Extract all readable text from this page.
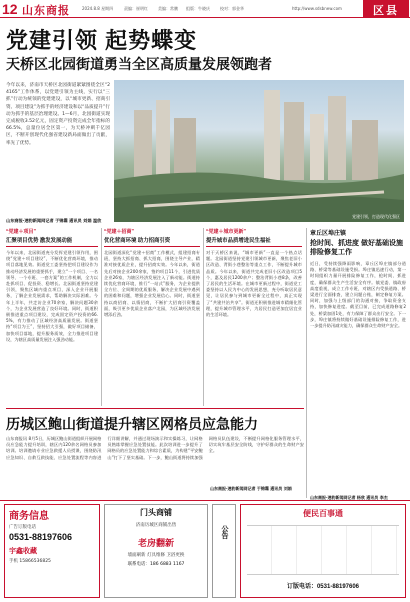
12 山东商报	2024.8.8 星期四	责编：崔明红	美编：常鹏 组版：牛晓庆	校对：郭金华	http://www.sdsbnew.com	区县
党建引领 起势蝶变
天桥区北园街道勇当全区高质量发展领跑者
今年以来，济南市天桥区北园街道紧紧围绕全区“24165”工作体系，以党建引领为主线，实行以“三抓”行动为统领的党建建设，以“城市更新、招商引资、项目建设”为抓手的经济建设和以“品质提升”行动为抓手的基层治理建设。1—6月，北园街道实现完成税收3.52亿元，固定资产投资完成全年指标的66.5%，总量位居全区第一，为天桥冲刺千亿园区，不断开创现代化强省建设新局面做出了贡献，率先了优势。
山东商报·速豹新闻网记者 于锦霜 通讯员 刘娟 温欣
党建引领，打造现代化强区
“党建＋项目”
汇聚项目优势 激发发展动能
今年以来，北园街道充分发挥党建引领作用，围绕“党建＋项目建设”，不断优化营商环境，推动项目落地见效。街道党工委坚持把项目建设作为推动经济发展的重要抓手，建立“一个项目、一名领导、一个专班、一套方案”的工作机制，全力以赴抓项目、促投资、稳增长。北园街道坚持党建引领，聚焦区域内重点项目，深入企业开展服务，了解企业发展需求，帮助解决实际困难。今年上半年，共走访企业70余家，解决问题30余个，为企业发展营造了良好环境。同时，街道积极推进重点项目建设，完成固定资产投资的66.5%，有力推动了区域经济高质量发展。街道坚持“项目为王”，坚持招大引强，做好项目储备，加快项目落地，提升服务质效，全力推进项目建设，为辖区高质量发展注入强劲动能。
“党建＋招商”
优化营商环境 助力招商引资
北园街道深化“党建＋招商”工作模式，组建招商专班，坚持大抓招商、抓大招商，围绕主导产业，精准对接优质企业，提升招商实效。今年以来，街道先后对接企业200余家，签约项目11个，引进优质企业26家，为辖区经济发展注入了新动能。街道持续优化营商环境，推行“一站式”服务，为企业提供全方位、全周期的优质服务，解决企业发展中遇到的困难和问题，增强企业发展信心。同时，街道坚持以商招商、以情招商，不断扩大招商引资覆盖面，吸引更多优质企业落户北园，为区域经济发展增添后劲。
“党建＋城市更新”
提升城市品质增进民生福祉
对于天桥区来说，“城市更新”一直是一个热点话题。北园街道坚持党建引领城市更新，聚焦老旧小区改造、背街小巷整治等重点工作，不断提升城市品质。今年以来，街道共完成老旧小区改造项目5个，惠及居民1200余户；整治背街小巷8条，改善了居民的生活环境。在城市更新过程中，街道党工委坚持以人民为中心的发展思想，充分听取居民意见，让居民参与到城市更新全过程中，真正实现了“共建共治共享”。街道还积极推进城市精细化管理，提升城市管理水平，为居民打造更加宜居宜业的生活环境。
章丘区埠庄镇
抢时间、抓进度 做好基础设施排险修复工作
近日，受持续强降雨影响，章丘区埠庄镇部分道路、桥梁等基础设施受损。埠庄镇迅速行动，第一时间组织力量开展排险修复工作，抢时间、抓进度，确保群众生产生活安全有序。镇党委、镇政府高度重视，成立工作专班，对辖区内受损道路、桥梁进行全面排查，建立问题台账，制定修复方案。同时，加强与上级部门的沟通对接，争取资金支持，加快修复进度。截至目前，已完成道路修复2处，桥梁加固1处，有力保障了群众出行安全。下一步，埠庄镇将持续做好基础设施排险修复工作，进一步提升防汛减灾能力，确保群众生命财产安全。
山东商报·速豹新闻网记者 杨欣 通讯员 李杰
历城区鲍山街道提升辖区网格员应急能力
山东商报讯 8月5日，历城区鲍山街道组织开展网格员应急能力提升培训，辖区内120余名网格员参加培训。培训邀请专业应急救援人员授课，围绕防汛应急知识、自救互救技能、应急处置流程等内容进行详细讲解，并通过现场演示和实操练习，让网格员熟练掌握应急处置技能。此次培训进一步提升了网格员的应急处置能力和综合素质，为构建“平安鲍山”打下了坚实基础。下一步，鲍山街道将持续加强网格员队伍建设，不断提升网格化服务管理水平，切实筑牢基层安全防线，守护好群众的生命财产安全。
山东商报·速豹新闻网记者 于锦霜 通讯员 刘娟
商务信息
广告订版电话
0531-88197606
宇鑫收藏
手机 15866536825
门头商铺
济南历城区商铺出售
老房翻新
墙面刷新 灯具维修 卫浴更换
联系电话：186 6883 1167
公告
便民百事通
订版电话：0531-88197606
